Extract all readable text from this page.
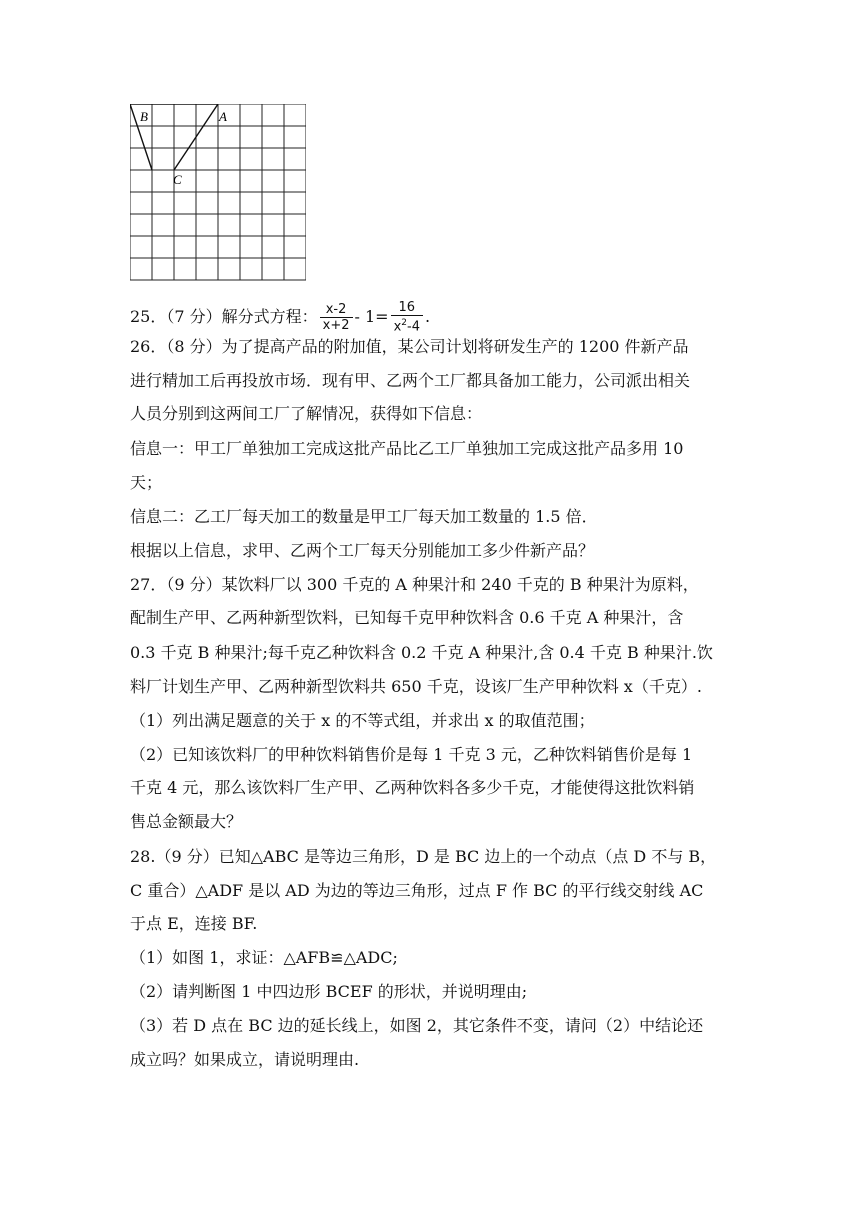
B	A
C
25．（7 分）解分式方程： $\frac{x-2}{x+2} - 1= \frac{16}{x^2-4}$ .
26．（8 分）为了提高产品的附加值，某公司计划将研发生产的 1200 件新产品
进行精加工后再投放市场．现有甲、乙两个工厂都具备加工能力，公司派出相关
人员分别到这两间工厂了解情况，获得如下信息：
信息一：甲工厂单独加工完成这批产品比乙工厂单独加工完成这批产品多用 10
天；
信息二：乙工厂每天加工的数量是甲工厂每天加工数量的 1.5 倍．
根据以上信息，求甲、乙两个工厂每天分别能加工多少件新产品？
27．（9 分）某饮料厂以 300 千克的 A 种果汁和 240 千克的 B 种果汁为原料，
配制生产甲、乙两种新型饮料，已知每千克甲种饮料含 0.6 千克 A 种果汁，含
0.3 千克 B 种果汁;每千克乙种饮料含 0.2 千克 A 种果汁,含 0.4 千克 B 种果汁.饮
料厂计划生产甲、乙两种新型饮料共 650 千克，设该厂生产甲种饮料 x（千克）.
（1）列出满足题意的关于 x 的不等式组，并求出 x 的取值范围；
（2）已知该饮料厂的甲种饮料销售价是每 1 千克 3 元，乙种饮料销售价是每 1
千克 4 元，那么该饮料厂生产甲、乙两种饮料各多少千克，才能使得这批饮料销
售总金额最大？
28.（9 分）已知△ABC 是等边三角形，D 是 BC 边上的一个动点（点 D 不与 B，
C 重合）△ADF 是以 AD 为边的等边三角形，过点 F 作 BC 的平行线交射线 AC
于点 E，连接 BF.
（1）如图 1，求证：△AFB≌△ADC;
（2）请判断图 1 中四边形 BCEF 的形状，并说明理由;
（3）若 D 点在 BC 边的延长线上，如图 2，其它条件不变，请问（2）中结论还
成立吗？如果成立，请说明理由.
